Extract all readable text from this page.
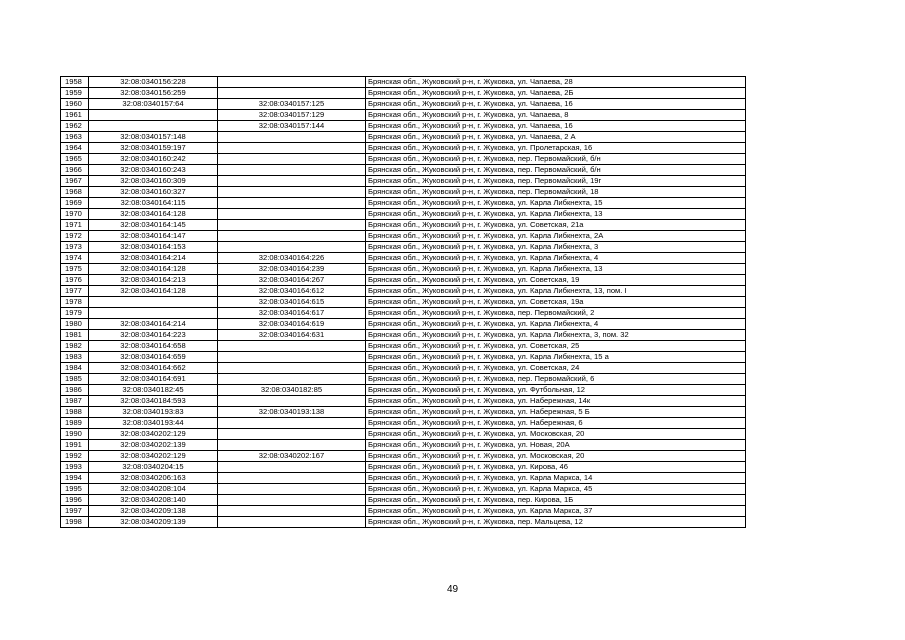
1958	32:08:0340156:228		Брянская обл., Жуковский р-н, г. Жуковка, ул. Чапаева, 28
1959	32:08:0340156:259		Брянская обл., Жуковский р-н, г. Жуковка, ул. Чапаева, 2Б
1960	32:08:0340157:64	32:08:0340157:125	Брянская обл., Жуковский р-н, г. Жуковка, ул. Чапаева, 16
1961		32:08:0340157:129	Брянская обл., Жуковский р-н, г. Жуковка, ул. Чапаева, 8
1962		32:08:0340157:144	Брянская обл., Жуковский р-н, г. Жуковка, ул. Чапаева, 16
1963	32:08:0340157:148		Брянская обл., Жуковский р-н, г. Жуковка, ул. Чапаева, 2 А
1964	32:08:0340159:197		Брянская обл., Жуковский р-н, г. Жуковка, ул. Пролетарская, 16
1965	32:08:0340160:242		Брянская обл., Жуковский р-н, г. Жуковка, пер. Первомайский, б/н
1966	32:08:0340160:243		Брянская обл., Жуковский р-н, г. Жуковка, пер. Первомайский, б/н
1967	32:08:0340160:309		Брянская обл., Жуковский р-н, г. Жуковка, пер. Первомайский, 19г
1968	32:08:0340160:327		Брянская обл., Жуковский р-н, г. Жуковка, пер. Первомайский, 18
1969	32:08:0340164:115		Брянская обл., Жуковский р-н, г. Жуковка, ул. Карла Либкнехта, 15
1970	32:08:0340164:128		Брянская обл., Жуковский р-н, г. Жуковка, ул. Карла Либкнехта, 13
1971	32:08:0340164:145		Брянская обл., Жуковский р-н, г. Жуковка, ул. Советская, 21а
1972	32:08:0340164:147		Брянская обл., Жуковский р-н, г. Жуковка, ул. Карла Либкнехта, 2А
1973	32:08:0340164:153		Брянская обл., Жуковский р-н, г. Жуковка, ул. Карла Либкнехта, 3
1974	32:08:0340164:214	32:08:0340164:226	Брянская обл., Жуковский р-н, г. Жуковка, ул. Карла Либкнехта, 4
1975	32:08:0340164:128	32:08:0340164:239	Брянская обл., Жуковский р-н, г. Жуковка, ул. Карла Либкнехта, 13
1976	32:08:0340164:213	32:08:0340164:267	Брянская обл., Жуковский р-н, г. Жуковка, ул. Советская, 19
1977	32:08:0340164:128	32:08:0340164:612	Брянская обл., Жуковский р-н, г. Жуковка, ул. Карла Либкнехта, 13, пом. I
1978		32:08:0340164:615	Брянская обл., Жуковский р-н, г. Жуковка, ул. Советская, 19а
1979		32:08:0340164:617	Брянская обл., Жуковский р-н, г. Жуковка, пер. Первомайский, 2
1980	32:08:0340164:214	32:08:0340164:619	Брянская обл., Жуковский р-н, г. Жуковка, ул. Карла Либкнехта, 4
1981	32:08:0340164:223	32:08:0340164:631	Брянская обл., Жуковский р-н, г. Жуковка, ул. Карла Либкнехта, 3, пом. 32
1982	32:08:0340164:658		Брянская обл., Жуковский р-н, г. Жуковка, ул. Советская, 25
1983	32:08:0340164:659		Брянская обл., Жуковский р-н, г. Жуковка, ул. Карла Либкнехта, 15 а
1984	32:08:0340164:662		Брянская обл., Жуковский р-н, г. Жуковка, ул. Советская, 24
1985	32:08:0340164:691		Брянская обл., Жуковский р-н, г. Жуковка, пер. Первомайский, 6
1986	32:08:0340182:45	32:08:0340182:85	Брянская обл., Жуковский р-н, г. Жуковка, ул. Футбольная, 12
1987	32:08:0340184:593		Брянская обл., Жуковский р-н, г. Жуковка, ул. Набережная, 14к
1988	32:08:0340193:83	32:08:0340193:138	Брянская обл., Жуковский р-н, г. Жуковка, ул. Набережная, 5 Б
1989	32:08:0340193:44		Брянская обл., Жуковский р-н, г. Жуковка, ул. Набережная, 6
1990	32:08:0340202:129		Брянская обл., Жуковский р-н, г. Жуковка, ул. Московская, 20
1991	32:08:0340202:139		Брянская обл., Жуковский р-н, г. Жуковка, ул. Новая, 20А
1992	32:08:0340202:129	32:08:0340202:167	Брянская обл., Жуковский р-н, г. Жуковка, ул. Московская, 20
1993	32:08:0340204:15		Брянская обл., Жуковский р-н, г. Жуковка, ул. Кирова, 46
1994	32:08:0340206:163		Брянская обл., Жуковский р-н, г. Жуковка, ул. Карла Маркса, 14
1995	32:08:0340208:104		Брянская обл., Жуковский р-н, г. Жуковка, ул. Карла Маркса, 45
1996	32:08:0340208:140		Брянская обл., Жуковский р-н, г. Жуковка, пер. Кирова, 1Б
1997	32:08:0340209:138		Брянская обл., Жуковский р-н, г. Жуковка, ул. Карла Маркса, 37
1998	32:08:0340209:139		Брянская обл., Жуковский р-н, г. Жуковка, пер. Мальцева, 12
49
